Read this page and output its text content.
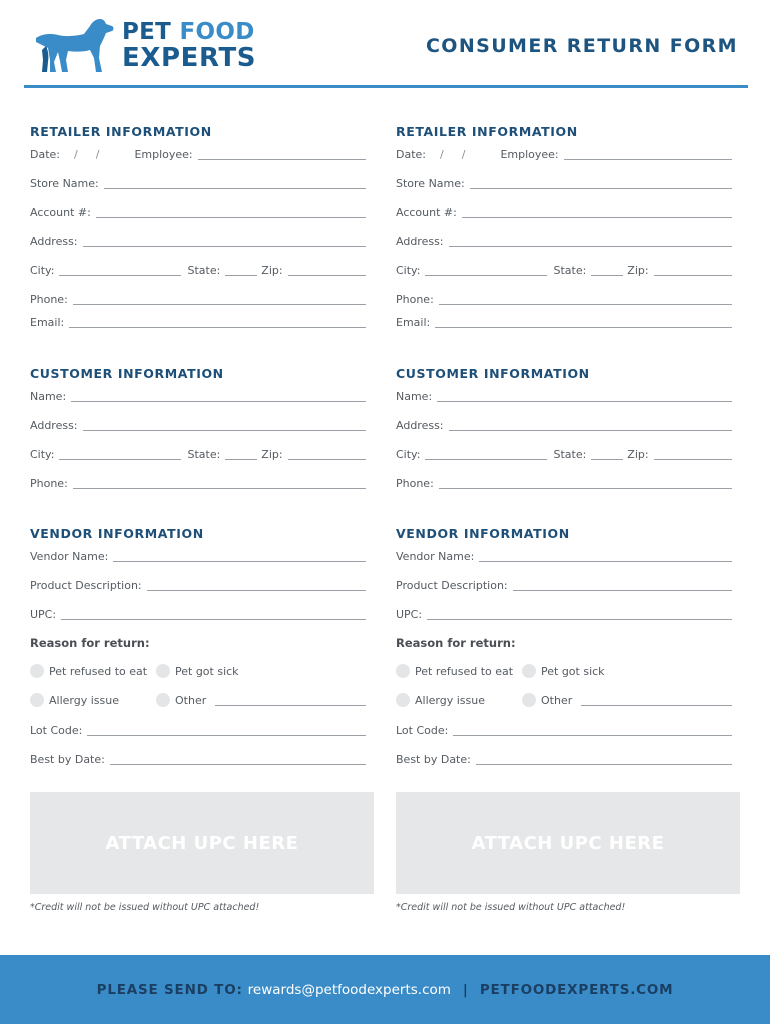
PET FOOD
EXPERTS	CONSUMER RETURN FORM
RETAILER INFORMATION
Date:	/	/	Employee:
Store Name:
Account #:
Address:
City:	State:	Zip:
Phone:
Email:
CUSTOMER INFORMATION
Name:
Address:
City:	State:	Zip:
Phone:
VENDOR INFORMATION
Vendor Name:
Product Description:
UPC:
Reason for return:
Pet refused to eat	Pet got sick
Allergy issue	Other
Lot Code:
Best by Date:
ATTACH UPC HERE
*Credit will not be issued without UPC attached!
RETAILER INFORMATION
Date:	/	/	Employee:
Store Name:
Account #:
Address:
City:	State:	Zip:
Phone:
Email:
CUSTOMER INFORMATION
Name:
Address:
City:	State:	Zip:
Phone:
VENDOR INFORMATION
Vendor Name:
Product Description:
UPC:
Reason for return:
Pet refused to eat	Pet got sick
Allergy issue	Other
Lot Code:
Best by Date:
ATTACH UPC HERE
*Credit will not be issued without UPC attached!
PLEASE SEND TO: rewards@petfoodexperts.com | PETFOODEXPERTS.COM
